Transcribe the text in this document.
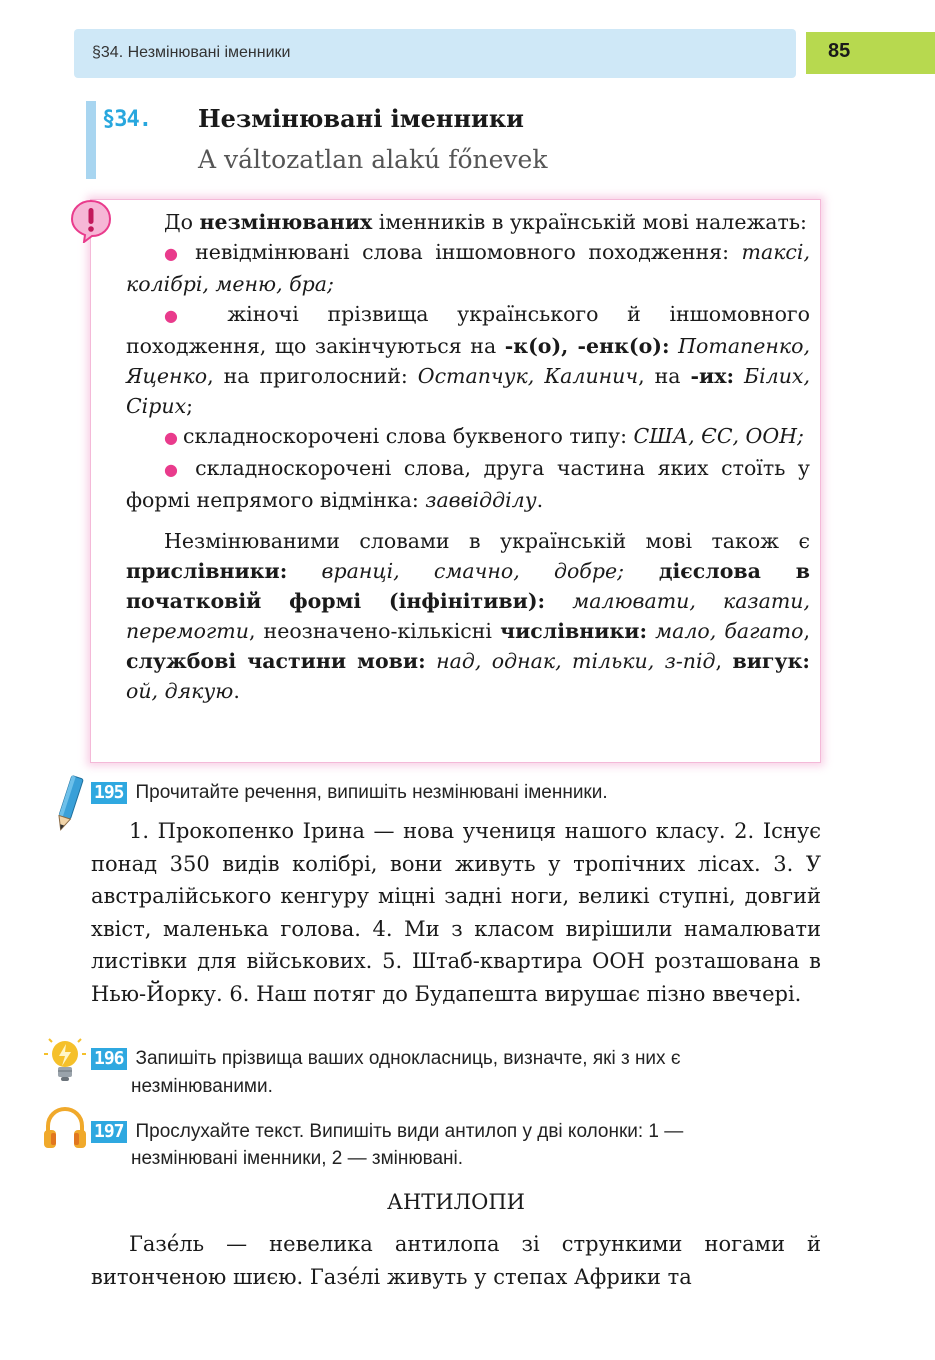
§34. Незмінювані іменники	85
§34. Незмінювані іменники
A változatlan alakú főnevek

До незмінюваних іменників в українській мові належать:

● невідмінювані слова іншомовного походження: таксі, колібрі, меню, бра;

● жіночі прізвища українського й іншомовного походження, що закінчуються на -к(о), -енк(о): Потапенко, Яценко, на приголосний: Остапчук, Калинич, на -их: Білих, Сірих;

● складноскорочені слова буквеного типу: США, ЄС, ООН;

● складноскорочені слова, друга частина яких стоїть у формі непрямого відмінка: заввідділу.

Незмінюваними словами в українській мові також є прислівники: вранці, смачно, добре; дієслова в початковій формі (інфінітиви): малювати, казати, перемогти, неозначено-кількісні числівники: мало, багато, службові частини мови: над, однак, тільки, з-під, вигук: ой, дякую.

195 Прочитайте речення, випишіть незмінювані іменники.

1. Прокопенко Ірина — нова учениця нашого класу. 2. Існує понад 350 видів колібрі, вони живуть у тропічних лісах. 3. У австралійського кенгуру міцні задні ноги, великі ступні, довгий хвіст, маленька голова. 4. Ми з класом вирішили намалювати листівки для військових. 5. Штаб-квартира ООН розташована в Нью-Йорку. 6. Наш потяг до Будапешта вирушає пізно ввечері.

196 Запишіть прізвища ваших однокласниць, визначте, які з них є
незмінюваними.
197 Прослухайте текст. Випишіть види антилоп у дві колонки: 1 —
незмінювані іменники, 2 — змінювані.
АНТИЛОПИ

Газе́ль — невелика антилопа зі стрункими ногами й витонченою шиєю. Газе́лі живуть у степах Африки та
